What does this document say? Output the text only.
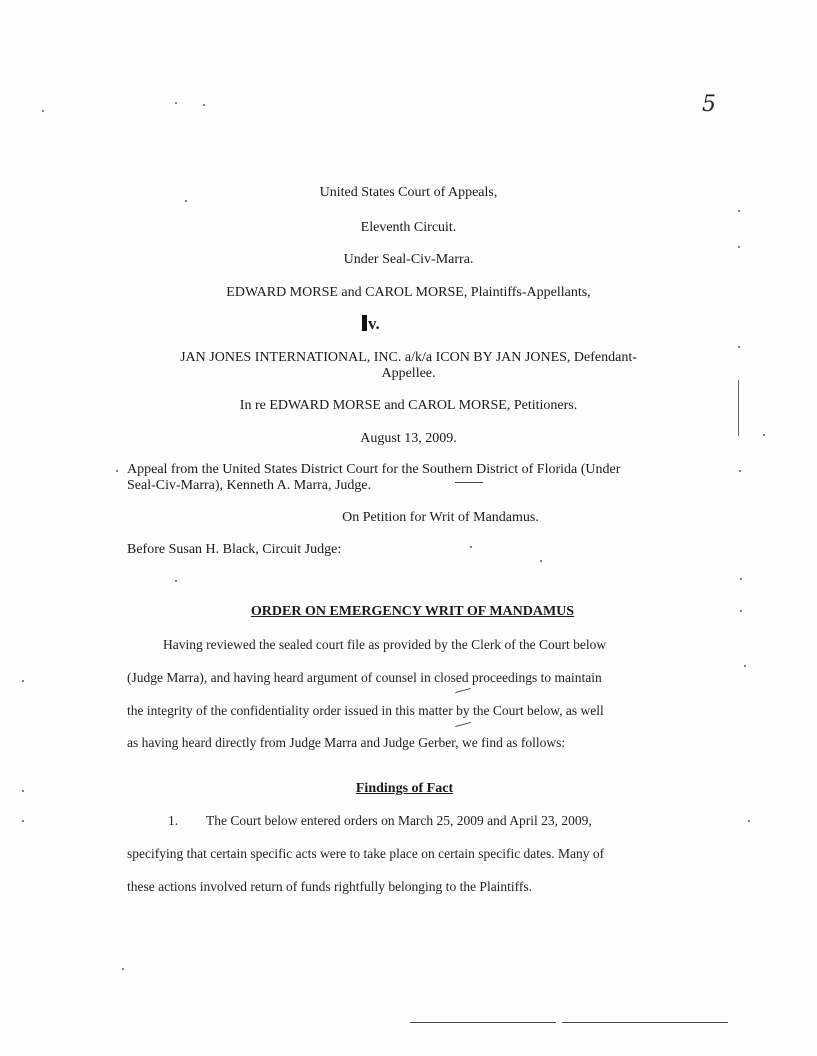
5
United States Court of Appeals,
Eleventh Circuit.
Under Seal-Civ-Marra.
EDWARD MORSE and CAROL MORSE, Plaintiffs-Appellants,
v.
JAN JONES INTERNATIONAL, INC. a/k/a ICON BY JAN JONES, Defendant-
Appellee.
In re EDWARD MORSE and CAROL MORSE, Petitioners.
August 13, 2009.
Appeal from the United States District Court for the Southern District of Florida (Under
Seal-Civ-Marra), Kenneth A. Marra, Judge.
On Petition for Writ of Mandamus.
Before Susan H. Black, Circuit Judge:
ORDER ON EMERGENCY WRIT OF MANDAMUS
Having reviewed the sealed court file as provided by the Clerk of the Court below
(Judge Marra), and having heard argument of counsel in closed proceedings to maintain
the integrity of the confidentiality order issued in this matter by the Court below, as well
as having heard directly from Judge Marra and Judge Gerber, we find as follows:
Findings of Fact
1. The Court below entered orders on March 25, 2009 and April 23, 2009,
specifying that certain specific acts were to take place on certain specific dates. Many of
these actions involved return of funds rightfully belonging to the Plaintiffs.
